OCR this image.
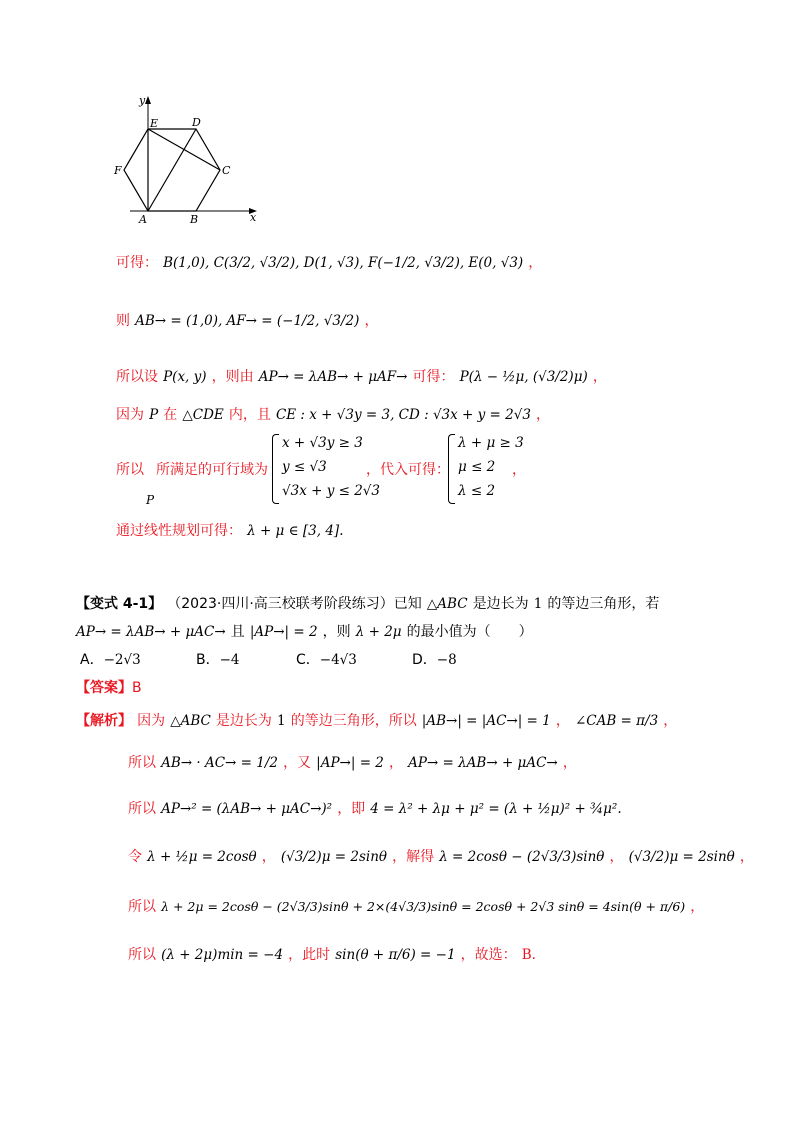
y
x
E	D
F	C
A	B
可得： B(1,0), C(3/2, √3/2), D(1, √3), F(−1/2, √3/2), E(0, √3) ，
则 AB→ = (1,0), AF→ = (−1/2, √3/2) ，
所以设 P(x, y) ，则由 AP→ = λAB→ + μAF→ 可得： P(λ − ½μ, (√3/2)μ) ，
因为 P 在 △CDE 内，且 CE : x + √3y = 3, CD : √3x + y = 2√3 ，
所以
P
所满足的可行域为
x + √3y ≥ 3
y ≤ √3
√3x + y ≤ 2√3
，代入可得：
λ + μ ≥ 3
μ ≤ 2
λ ≤ 2
，
通过线性规划可得： λ + μ ∈ [3, 4].
【变式 4-1】 （2023·四川·高三校联考阶段练习）已知 △ABC 是边长为 1 的等边三角形，若
AP→ = λAB→ + μAC→ 且 |AP→| = 2 ，则 λ + 2μ 的最小值为（　　）
A．−2√3	B．−4	C．−4√3	D．−8
【答案】B
【解析】 因为 △ABC 是边长为 1 的等边三角形，所以 |AB→| = |AC→| = 1 ， ∠CAB = π/3 ，
所以 AB→ · AC→ = 1/2 ，又 |AP→| = 2 ， AP→ = λAB→ + μAC→ ，
所以 AP→² = (λAB→ + μAC→)² ，即 4 = λ² + λμ + μ² = (λ + ½μ)² + ¾μ².
令 λ + ½μ = 2cosθ ， (√3/2)μ = 2sinθ ，解得 λ = 2cosθ − (2√3/3)sinθ ， (√3/2)μ = 2sinθ ，
所以 λ + 2μ = 2cosθ − (2√3/3)sinθ + 2×(4√3/3)sinθ = 2cosθ + 2√3 sinθ = 4sin(θ + π/6) ，
所以 (λ + 2μ)min = −4 ，此时 sin(θ + π/6) = −1 ，故选： B.
